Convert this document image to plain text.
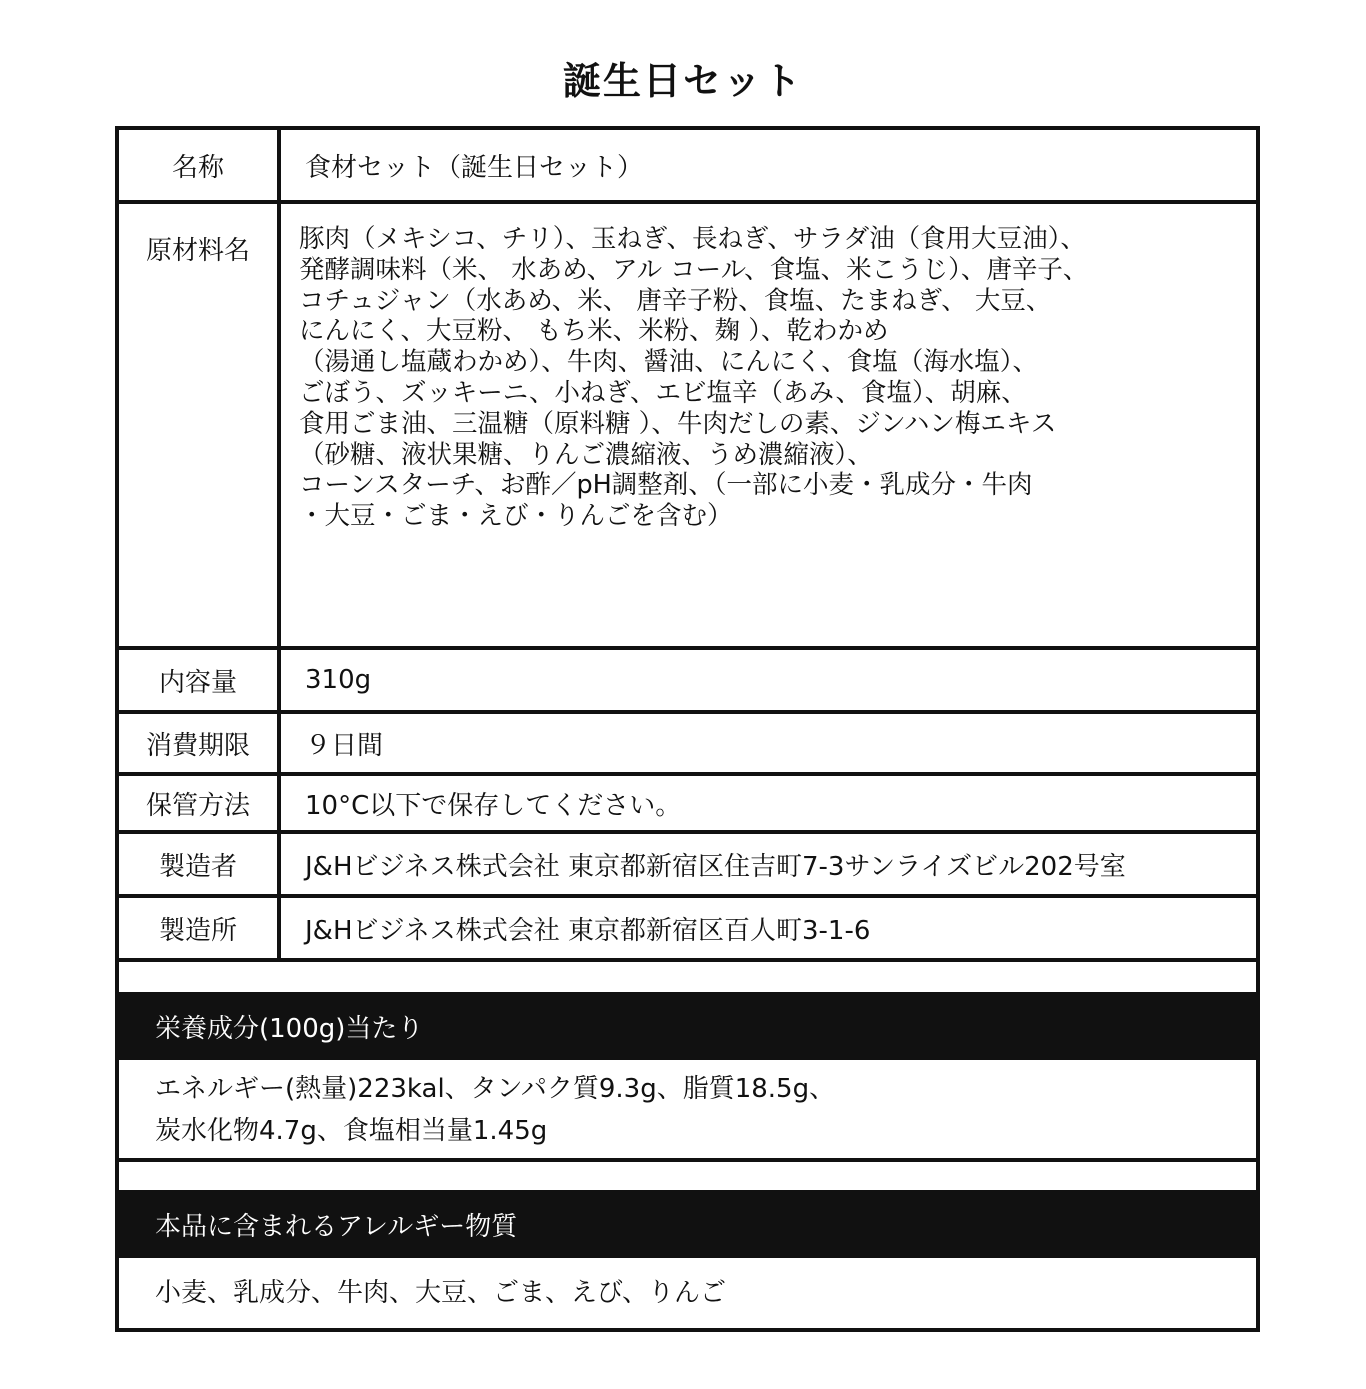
誕生日セット
名称	食材セット（誕生日セット）
原材料名	豚肉（メキシコ、チリ）、玉ねぎ、長ねぎ、サラダ油（食用大豆油）、
発酵調味料（米、 水あめ、アル コール、食塩、米こうじ）、唐辛子、
コチュジャン（水あめ、米、 唐辛子粉、食塩、たまねぎ、 大豆、
にんにく、大豆粉、 もち米、米粉、麹 ）、乾わかめ
（湯通し塩蔵わかめ）、牛肉、醤油、にんにく、食塩（海水塩）、
ごぼう、ズッキーニ、小ねぎ、エビ塩辛（あみ、食塩）、胡麻、
食用ごま油、三温糖（原料糖 ）、牛肉だしの素、ジンハン梅エキス
（砂糖、液状果糖、りんご濃縮液、うめ濃縮液）、
コーンスターチ、お酢／pH調整剤、（一部に小麦・乳成分・牛肉
・大豆・ごま・えび・りんごを含む）
内容量	310g
消費期限	９日間
保管方法	10°C以下で保存してください。
製造者	J&Hビジネス株式会社 東京都新宿区住吉町7-3サンライズビル202号室
製造所	J&Hビジネス株式会社 東京都新宿区百人町3-1-6
栄養成分(100g)当たり
エネルギー(熱量)223kal、タンパク質9.3g、脂質18.5g、
炭水化物4.7g、食塩相当量1.45g
本品に含まれるアレルギー物質
小麦、乳成分、牛肉、大豆、ごま、えび、りんご
